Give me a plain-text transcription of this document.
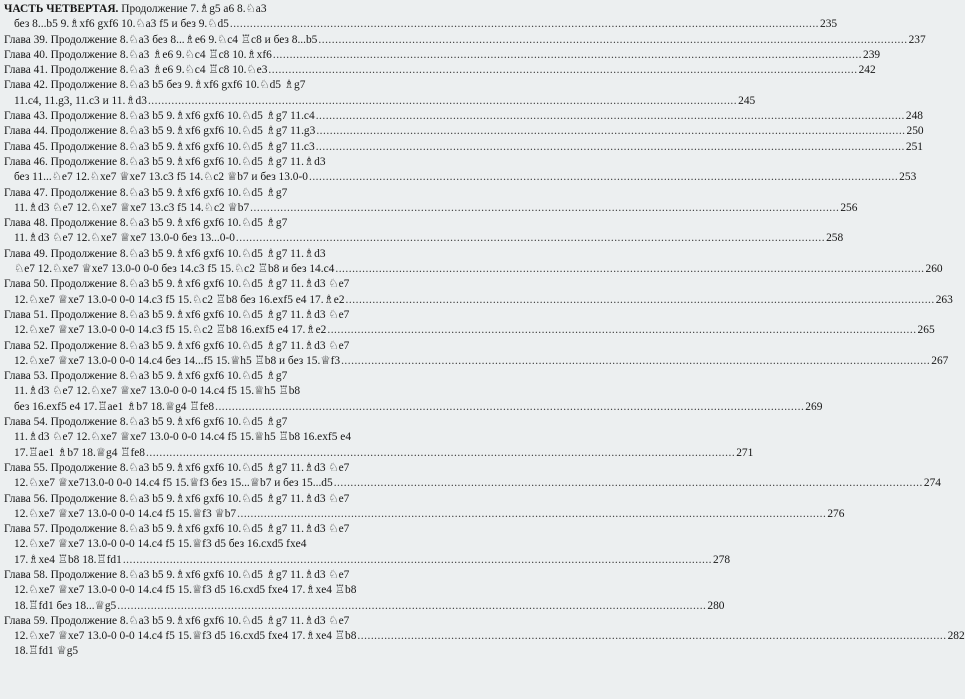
ЧАСТЬ ЧЕТВЕРТАЯ. Продолжение 7.♗g5 a6 8.♘a3
без 8...b5 9.♗xf6 gxf6 10.♘a3 f5 и без 9.♘d5 .....	235
Глава 39. Продолжение 8.♘a3 без 8...♗e6 9.♘c4 ♖c8 и без 8...b5 .....	237
Глава 40. Продолжение 8.♘a3 ♗e6 9.♘c4 ♖c8 10.♗xf6 .....	239
Глава 41. Продолжение 8.♘a3 ♗e6 9.♘c4 ♖c8 10.♘e3 .....	242
Глава 42. Продолжение 8.♘a3 b5 без 9.♗xf6 gxf6 10.♘d5 ♗g7
11.c4, 11.g3, 11.c3 и 11.♗d3 .....	245
Глава 43. Продолжение 8.♘a3 b5 9.♗xf6 gxf6 10.♘d5 ♗g7 11.c4 .....	248
Глава 44. Продолжение 8.♘a3 b5 9.♗xf6 gxf6 10.♘d5 ♗g7 11.g3 .....	250
Глава 45. Продолжение 8.♘a3 b5 9.♗xf6 gxf6 10.♘d5 ♗g7 11.c3 .....	251
Глава 46. Продолжение 8.♘a3 b5 9.♗xf6 gxf6 10.♘d5 ♗g7 11.♗d3
без 11...♘e7 12.♘xe7 ♕xe7 13.c3 f5 14.♘c2 ♕b7 и без 13.0-0 .....	253
Глава 47. Продолжение 8.♘a3 b5 9.♗xf6 gxf6 10.♘d5 ♗g7
11.♗d3 ♘e7 12.♘xe7 ♕xe7 13.c3 f5 14.♘c2 ♕b7 .....	256
Глава 48. Продолжение 8.♘a3 b5 9.♗xf6 gxf6 10.♘d5 ♗g7
11.♗d3 ♘e7 12.♘xe7 ♕xe7 13.0-0 без 13...0-0 .....	258
Глава 49. Продолжение 8.♘a3 b5 9.♗xf6 gxf6 10.♘d5 ♗g7 11.♗d3
♘e7 12.♘xe7 ♕xe7 13.0-0 0-0 без 14.c3 f5 15.♘c2 ♖b8 и без 14.c4 .....	260
Глава 50. Продолжение 8.♘a3 b5 9.♗xf6 gxf6 10.♘d5 ♗g7 11.♗d3 ♘e7
12.♘xe7 ♕xe7 13.0-0 0-0 14.c3 f5 15.♘c2 ♖b8 без 16.exf5 e4 17.♗e2 .....	263
Глава 51. Продолжение 8.♘a3 b5 9.♗xf6 gxf6 10.♘d5 ♗g7 11.♗d3 ♘e7
12.♘xe7 ♕xe7 13.0-0 0-0 14.c3 f5 15.♘c2 ♖b8 16.exf5 e4 17.♗e2 .....	265
Глава 52. Продолжение 8.♘a3 b5 9.♗xf6 gxf6 10.♘d5 ♗g7 11.♗d3 ♘e7
12.♘xe7 ♕xe7 13.0-0 0-0 14.c4 без 14...f5 15.♕h5 ♖b8 и без 15.♕f3 .....	267
Глава 53. Продолжение 8.♘a3 b5 9.♗xf6 gxf6 10.♘d5 ♗g7
11.♗d3 ♘e7 12.♘xe7 ♕xe7 13.0-0 0-0 14.c4 f5 15.♕h5 ♖b8
без 16.exf5 e4 17.♖ae1 ♗b7 18.♕g4 ♖fe8 .....	269
Глава 54. Продолжение 8.♘a3 b5 9.♗xf6 gxf6 10.♘d5 ♗g7
11.♗d3 ♘e7 12.♘xe7 ♕xe7 13.0-0 0-0 14.c4 f5 15.♕h5 ♖b8 16.exf5 e4
17.♖ae1 ♗b7 18.♕g4 ♖fe8 .....	271
Глава 55. Продолжение 8.♘a3 b5 9.♗xf6 gxf6 10.♘d5 ♗g7 11.♗d3 ♘e7
12.♘xe7 ♕xe713.0-0 0-0 14.c4 f5 15.♕f3 без 15...♕b7 и без 15...d5 .....	274
Глава 56. Продолжение 8.♘a3 b5 9.♗xf6 gxf6 10.♘d5 ♗g7 11.♗d3 ♘e7
12.♘xe7 ♕xe7 13.0-0 0-0 14.c4 f5 15.♕f3 ♕b7 .....	276
Глава 57. Продолжение 8.♘a3 b5 9.♗xf6 gxf6 10.♘d5 ♗g7 11.♗d3 ♘e7
12.♘xe7 ♕xe7 13.0-0 0-0 14.c4 f5 15.♕f3 d5 без 16.cxd5 fxe4
17.♗xe4 ♖b8 18.♖fd1 .....	278
Глава 58. Продолжение 8.♘a3 b5 9.♗xf6 gxf6 10.♘d5 ♗g7 11.♗d3 ♘e7
12.♘xe7 ♕xe7 13.0-0 0-0 14.c4 f5 15.♕f3 d5 16.cxd5 fxe4 17.♗xe4 ♖b8
18.♖fd1 без 18...♕g5 .....	280
Глава 59. Продолжение 8.♘a3 b5 9.♗xf6 gxf6 10.♘d5 ♗g7 11.♗d3 ♘e7
12.♘xe7 ♕xe7 13.0-0 0-0 14.c4 f5 15.♕f3 d5 16.cxd5 fxe4 17.♗xe4 ♖b8 .....	282
18.♖fd1 ♕g5
